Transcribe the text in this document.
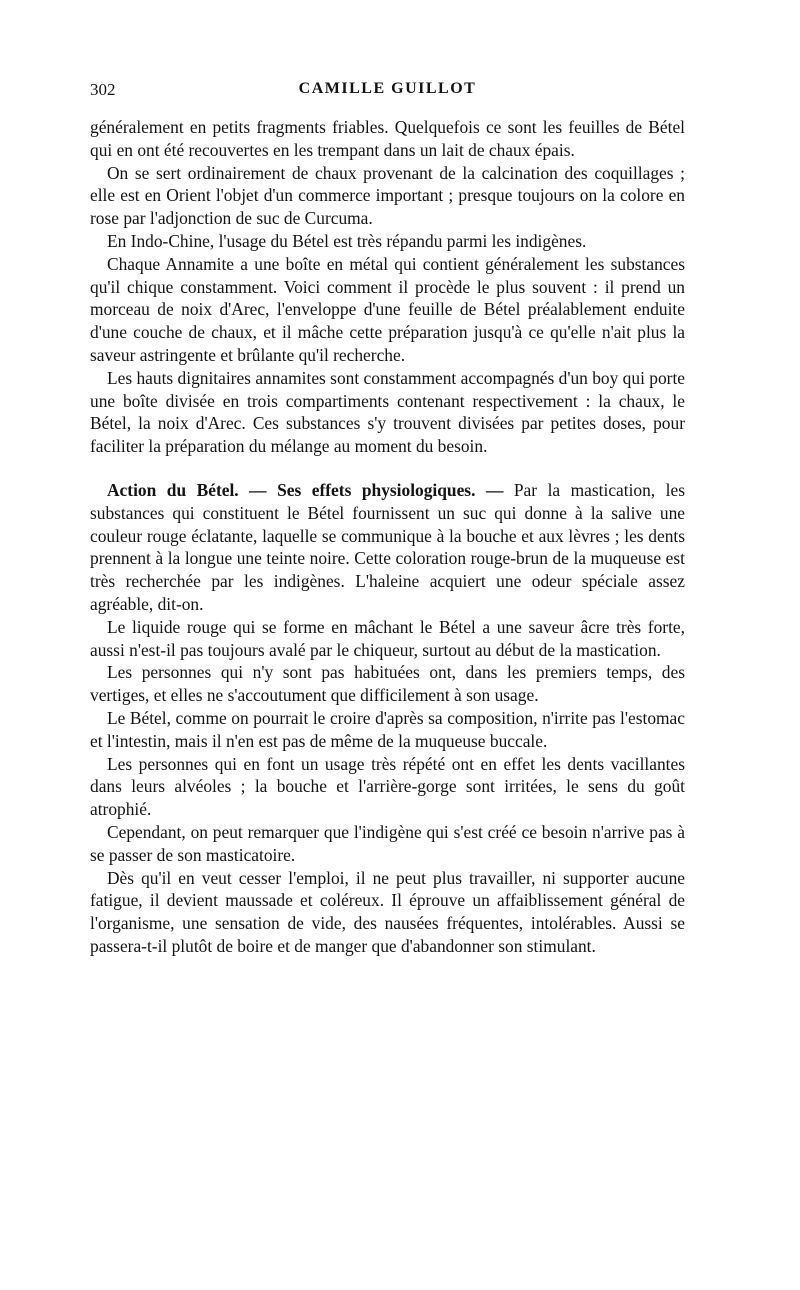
302	CAMILLE GUILLOT

généralement en petits fragments friables. Quelquefois ce sont les feuilles de Bétel qui en ont été recouvertes en les trempant dans un lait de chaux épais.

On se sert ordinairement de chaux provenant de la calcination des coquillages ; elle est en Orient l'objet d'un commerce important ; presque toujours on la colore en rose par l'adjonction de suc de Curcuma.

En Indo-Chine, l'usage du Bétel est très répandu parmi les indigènes.

Chaque Annamite a une boîte en métal qui contient généralement les substances qu'il chique constamment. Voici comment il procède le plus souvent : il prend un morceau de noix d'Arec, l'enveloppe d'une feuille de Bétel préalablement enduite d'une couche de chaux, et il mâche cette préparation jusqu'à ce qu'elle n'ait plus la saveur astringente et brûlante qu'il recherche.

Les hauts dignitaires annamites sont constamment accompagnés d'un boy qui porte une boîte divisée en trois compartiments contenant respectivement : la chaux, le Bétel, la noix d'Arec. Ces substances s'y trouvent divisées par petites doses, pour faciliter la préparation du mélange au moment du besoin.

Action du Bétel. — Ses effets physiologiques. — Par la mastication, les substances qui constituent le Bétel fournissent un suc qui donne à la salive une couleur rouge éclatante, laquelle se communique à la bouche et aux lèvres ; les dents prennent à la longue une teinte noire. Cette coloration rouge-brun de la muqueuse est très recherchée par les indigènes. L'haleine acquiert une odeur spéciale assez agréable, dit-on.

Le liquide rouge qui se forme en mâchant le Bétel a une saveur âcre très forte, aussi n'est-il pas toujours avalé par le chiqueur, surtout au début de la mastication.

Les personnes qui n'y sont pas habituées ont, dans les premiers temps, des vertiges, et elles ne s'accoutument que difficilement à son usage.

Le Bétel, comme on pourrait le croire d'après sa composition, n'irrite pas l'estomac et l'intestin, mais il n'en est pas de même de la muqueuse buccale.

Les personnes qui en font un usage très répété ont en effet les dents vacillantes dans leurs alvéoles ; la bouche et l'arrière-gorge sont irritées, le sens du goût atrophié.

Cependant, on peut remarquer que l'indigène qui s'est créé ce besoin n'arrive pas à se passer de son masticatoire.

Dès qu'il en veut cesser l'emploi, il ne peut plus travailler, ni supporter aucune fatigue, il devient maussade et coléreux. Il éprouve un affaiblissement général de l'organisme, une sensation de vide, des nausées fréquentes, intolérables. Aussi se passera-t-il plutôt de boire et de manger que d'abandonner son stimulant.
